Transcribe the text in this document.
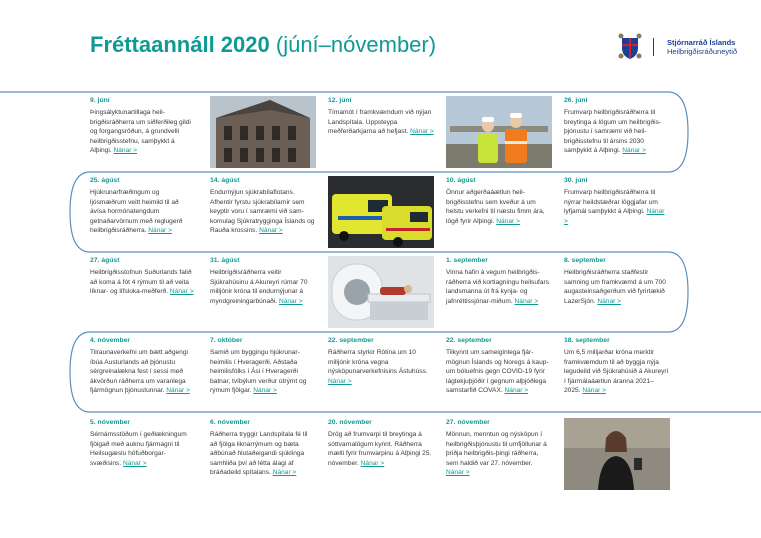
Fréttaannáll 2020 (júní–nóvember)	Stjórnarráð Íslands
Heilbrigðisráðuneytið
9. júní
Þingsályktunartillaga heil-brigðisráðherra um siðferðileg gildi og forgangsröðun, á grundvelli heilbrigðisstefnu, samþykkt á Alþingi. Nánar >
12. júní
Tímamót í framkvæmdum við nýjan Landspítala. Uppsteypa meðferðarkjarna að hefjast. Nánar >
26. júní
Frumvarp heilbrigðisráðherra til breytinga á lögum um heilbrigðis-þjónustu í samræmi við heil-brigðisstefnu til ársins 2030 samþykkt á Alþingi. Nánar >
25. ágúst
Hjúkrunarfræðingum og ljósmæðrum veitt heimild til að ávísa hormónatengdum getnaðarvörnum með reglugerð heilbrigðisráðherra. Nánar >
14. ágúst
Endurnýjun sjúkrabílaflotans. Afhentir fyrstu sjúkrabílarnir sem keyptir voru í samræmi við sam-komulag Sjúkratrygginga Íslands og Rauða krossins. Nánar >
10. ágúst
Önnur aðgerðaáætlun heil-brigðisstefnu sem kveður á um helstu verkefni til næstu fimm ára, lögð fyrir Alþingi. Nánar >
30. júní
Frumvarp heilbrigðisráðherra til nýrrar heildstæðrar löggjafar um lyfjamál samþykkt á Alþingi. Nánar >
27. ágúst
Heilbrigðisstofnun Suðurlands falið að koma á fót 4 rýmum til að veita líknar- og lífsloka-meðferð. Nánar >
31. ágúst
Heilbrigðisráðherra veitir Sjúkrahúsinu á Akureyri rúmar 70 milljónir króna til endurnýjunar á myndgreiningarbúnaði. Nánar >
1. september
Vinna hafin á vegum heilbrigðis-ráðherra við kortlagningu heilsufars landsmanna út frá kynja- og jafnréttissjónar-miðum. Nánar >
8. september
Heilbrigðisráðherra staðfestir samning um framkvæmd á um 700 augasteinsaðgerðum við fyrirtækið LazerSjón. Nánar >
4. nóvember
Tilraunaverkefni um bætt aðgengi íbúa Austurlands að þjónustu sérgreinalækna fest í sessi með ákvörðun ráðherra um varanlega fjármögnun þjónustunnar. Nánar >
7. október
Samið um byggingu hjúkrunar-heimilis í Hveragerði. Aðstaða heimilisfólks í Ási í Hveragerði batnar, tvíbýlum verður útrýmt og rýmum fjölgar. Nánar >
22. september
Ráðherra styrkir Rótina um 10 milljónir króna vegna nýsköpunarverkefnisins Ástuhúss. Nánar >
22. september
Tilkynnt um sameiginlega fjár-mögnun Íslands og Noregs á kaup-um bóluefnis gegn COVID-19 fyrir lágtekjuþjóðir í gegnum alþjóðlega samstarfið COVAX. Nánar >
18. september
Um 6,5 milljarðar króna merktir framkvæmdum til að byggja nýja legudeild við Sjúkrahúsið á Akureyri í fjármálaáætlun áranna 2021–2025. Nánar >
5. nóvember
Sérnámsstöðum í geðlækningum fjölgað með auknu fjármagni til Heilsugæslu höfuðborgar-svæðisins. Nánar >
6. nóvember
Ráðherra tryggir Landspítala fé til að fjölga liknarrýmum og bæta aðbúnað hlutaðeigandi sjúklinga samhliða því að létta álagi af bráðadeild spítalans. Nánar >
20. nóvember
Drög að frumvarpi til breytinga á sóttvarnalögum kynnt. Ráðherra mælti fyrir frumvarpinu á Alþingi 25. nóvember. Nánar >
27. nóvember
Mönnun, menntun og nýsköpun í heilbrigðisþjónustu til umfjöllunar á þriðja heilbrigðis-þingi ráðherra, sem haldið var 27. nóvember. Nánar >
